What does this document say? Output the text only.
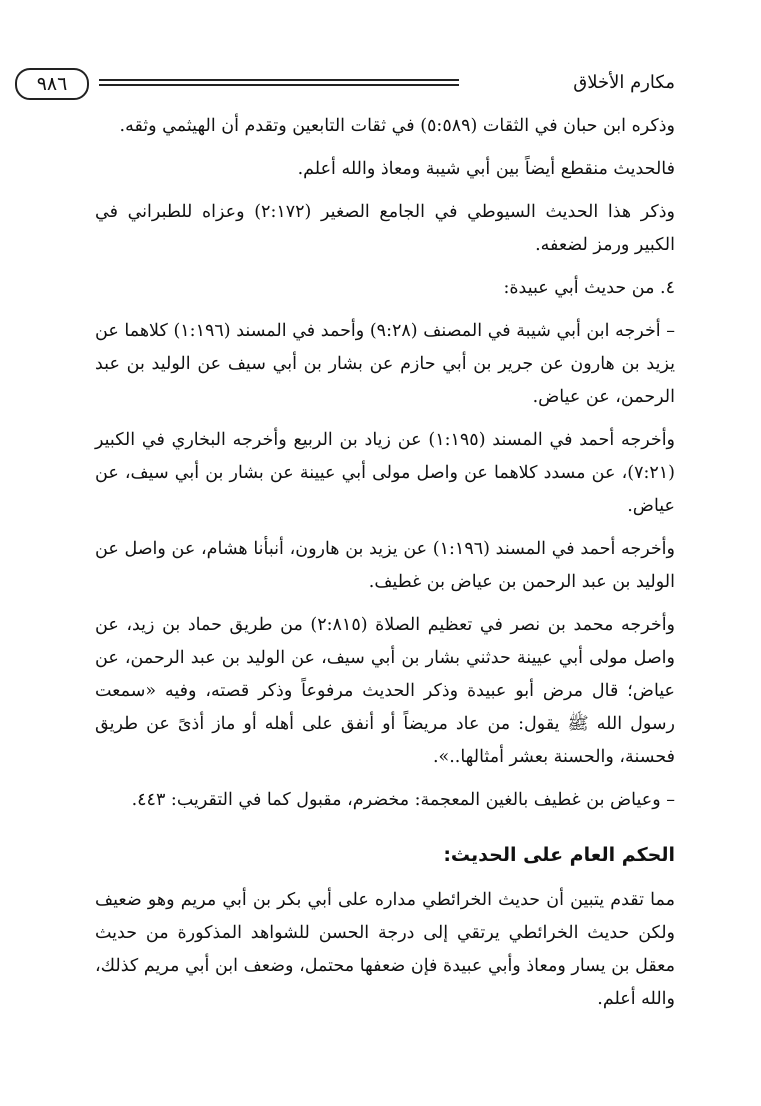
مكارم الأخلاق
٩٨٦

وذكره ابن حبان في الثقات (٥:٥٨٩) في ثقات التابعين وتقدم أن الهيثمي وثقه.

فالحديث منقطع أيضاً بين أبي شيبة ومعاذ والله أعلم.

وذكر هذا الحديث السيوطي في الجامع الصغير (٢:١٧٢) وعزاه للطبراني في الكبير ورمز لضعفه.

٤. من حديث أبي عبيدة:

– أخرجه ابن أبي شيبة في المصنف (٩:٢٨) وأحمد في المسند (١:١٩٦) كلاهما عن يزيد بن هارون عن جرير بن أبي حازم عن بشار بن أبي سيف عن الوليد بن عبد الرحمن، عن عياض.

وأخرجه أحمد في المسند (١:١٩٥) عن زياد بن الربيع وأخرجه البخاري في الكبير (٧:٢١)، عن مسدد كلاهما عن واصل مولى أبي عيينة عن بشار بن أبي سيف، عن عياض.

وأخرجه أحمد في المسند (١:١٩٦) عن يزيد بن هارون، أنبأنا هشام، عن واصل عن الوليد بن عبد الرحمن بن عياض بن غطيف.

وأخرجه محمد بن نصر في تعظيم الصلاة (٢:٨١٥) من طريق حماد بن زيد، عن واصل مولى أبي عيينة حدثني بشار بن أبي سيف، عن الوليد بن عبد الرحمن، عن عياض؛ قال مرض أبو عبيدة وذكر الحديث مرفوعاً وذكر قصته، وفيه «سمعت رسول الله ﷺ يقول: من عاد مريضاً أو أنفق على أهله أو ماز أذىً عن طريق فحسنة، والحسنة بعشر أمثالها..».

– وعياض بن غطيف بالغين المعجمة: مخضرم، مقبول كما في التقريب: ٤٤٣.

الحكم العام على الحديث:

مما تقدم يتبين أن حديث الخرائطي مداره على أبي بكر بن أبي مريم وهو ضعيف ولكن حديث الخرائطي يرتقي إلى درجة الحسن للشواهد المذكورة من حديث معقل بن يسار ومعاذ وأبي عبيدة فإن ضعفها محتمل، وضعف ابن أبي مريم كذلك، والله أعلم.
